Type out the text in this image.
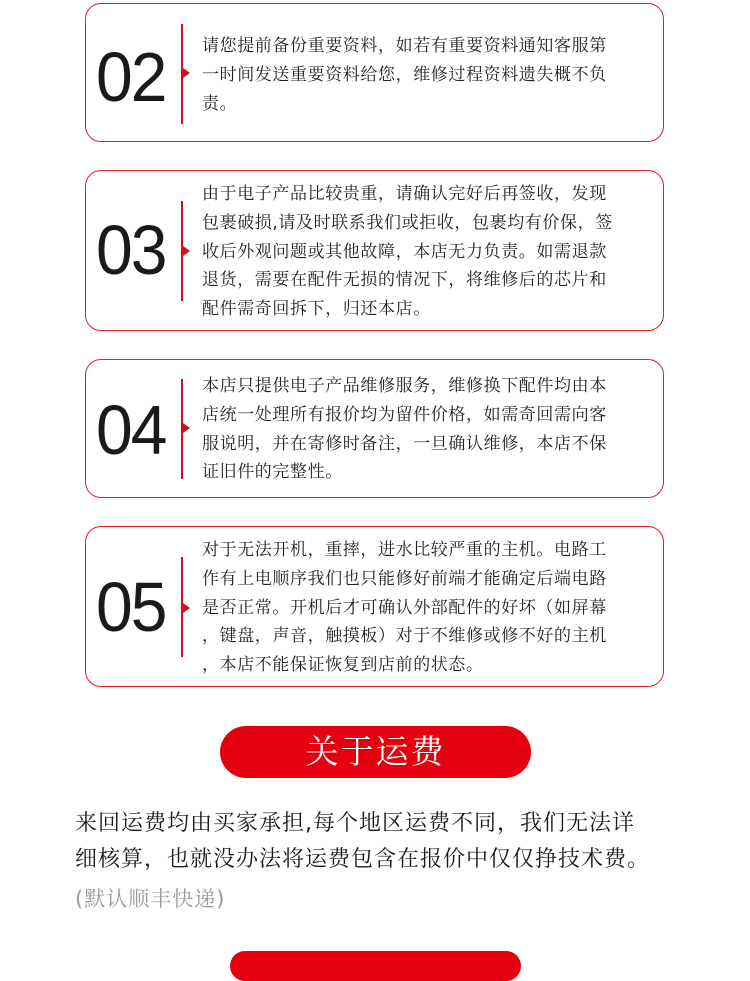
02	请您提前备份重要资料，如若有重要资料通知客服第
一时间发送重要资料给您，维修过程资料遗失概不负
责。
03
由于电子产品比较贵重，请确认完好后再签收，发现
包裹破损,请及时联系我们或拒收，包裹均有价保，签
收后外观问题或其他故障，本店无力负责。如需退款
退货，需要在配件无损的情况下，将维修后的芯片和
配件需奇回拆下，归还本店。
04
本店只提供电子产品维修服务，维修换下配件均由本
店统一处理所有报价均为留件价格，如需奇回需向客
服说明，并在寄修时备注，一旦确认维修，本店不保
证旧件的完整性。
05
对于无法开机，重摔，进水比较严重的主机。电路工
作有上电顺序我们也只能修好前端才能确定后端电路
是否正常。开机后才可确认外部配件的好坏（如屏幕
，键盘，声音，触摸板）对于不维修或修不好的主机
，本店不能保证恢复到店前的状态。
关于运费
来回运费均由买家承担,每个地区运费不同，我们无法详
细核算，也就没办法将运费包含在报价中仅仅挣技术费。
(默认顺丰快递)
